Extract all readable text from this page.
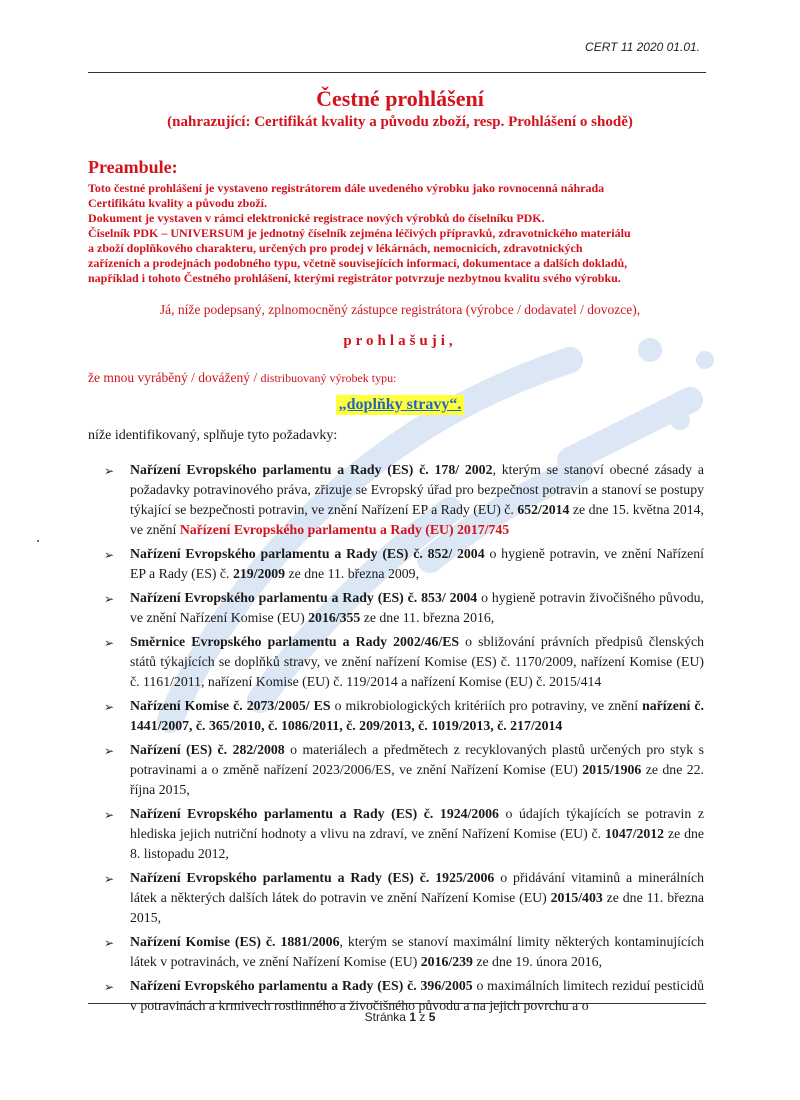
CERT 11 2020 01.01.
Čestné prohlášení
(nahrazující: Certifikát kvality a původu zboží, resp. Prohlášení o shodě)
Preambule:
Toto čestné prohlášení je vystaveno registrátorem dále uvedeného výrobku jako rovnocenná náhrada
Certifikátu kvality a původu zboží.
Dokument je vystaven v rámci elektronické registrace nových výrobků do číselníku PDK.
Číselník PDK – UNIVERSUM je jednotný číselník zejména léčivých přípravků, zdravotnického materiálu
a zboží doplňkového charakteru, určených pro prodej v lékárnách, nemocnicích, zdravotnických
zařízeních a prodejnách podobného typu, včetně souvisejících informací, dokumentace a dalších dokladů,
například i tohoto Čestného prohlášení, kterými registrátor potvrzuje nezbytnou kvalitu svého výrobku.
Já, níže podepsaný, zplnomocněný zástupce registrátora (výrobce / dodavatel / dovozce),
prohlašuji,
že mnou vyráběný / dovážený / distribuovaný výrobek typu:
„doplňky stravy“.
níže identifikovaný, splňuje tyto požadavky:
➢	Nařízení Evropského parlamentu a Rady (ES) č. 178/ 2002, kterým se stanoví obecné zásady a požadavky potravinového práva, zřizuje se Evropský úřad pro bezpečnost potravin a stanoví se postupy týkající se bezpečnosti potravin, ve znění Nařízení EP a Rady (EU) č. 652/2014 ze dne 15. května 2014, ve znění Nařízení Evropského parlamentu a Rady (EU) 2017/745
➢	Nařízení Evropského parlamentu a Rady (ES) č. 852/ 2004 o hygieně potravin, ve znění Nařízení EP a Rady (ES) č. 219/2009 ze dne 11. března 2009,
➢	Nařízení Evropského parlamentu a Rady (ES) č. 853/ 2004 o hygieně potravin živočišného původu, ve znění Nařízení Komise (EU) 2016/355 ze dne 11. března 2016,
➢	Směrnice Evropského parlamentu a Rady 2002/46/ES o sbližování právních předpisů členských států týkajících se doplňků stravy, ve znění nařízení Komise (ES) č. 1170/2009, nařízení Komise (EU) č. 1161/2011, nařízení Komise (EU) č. 119/2014 a nařízení Komise (EU) č. 2015/414
➢	Nařízení Komise č. 2073/2005/ ES o mikrobiologických kritériích pro potraviny, ve znění nařízení č. 1441/2007, č. 365/2010, č. 1086/2011, č. 209/2013, č. 1019/2013, č. 217/2014
➢	Nařízení (ES) č. 282/2008 o materiálech a předmětech z recyklovaných plastů určených pro styk s potravinami a o změně nařízení 2023/2006/ES, ve znění Nařízení Komise (EU) 2015/1906 ze dne 22. října 2015,
➢	Nařízení Evropského parlamentu a Rady (ES) č. 1924/2006 o údajích týkajících se potravin z hlediska jejich nutriční hodnoty a vlivu na zdraví, ve znění Nařízení Komise (EU) č. 1047/2012 ze dne 8. listopadu 2012,
➢	Nařízení Evropského parlamentu a Rady (ES) č. 1925/2006 o přidávání vitaminů a minerálních látek a některých dalších látek do potravin ve znění Nařízení Komise (EU) 2015/403 ze dne 11. března 2015,
➢	Nařízení Komise (ES) č. 1881/2006, kterým se stanoví maximální limity některých kontaminujících látek v potravinách, ve znění Nařízení Komise (EU) 2016/239 ze dne 19. února 2016,
➢	Nařízení Evropského parlamentu a Rady (ES) č. 396/2005 o maximálních limitech reziduí pesticidů v potravinách a krmivech rostlinného a živočišného původu a na jejich povrchu a o
Stránka 1 z 5
